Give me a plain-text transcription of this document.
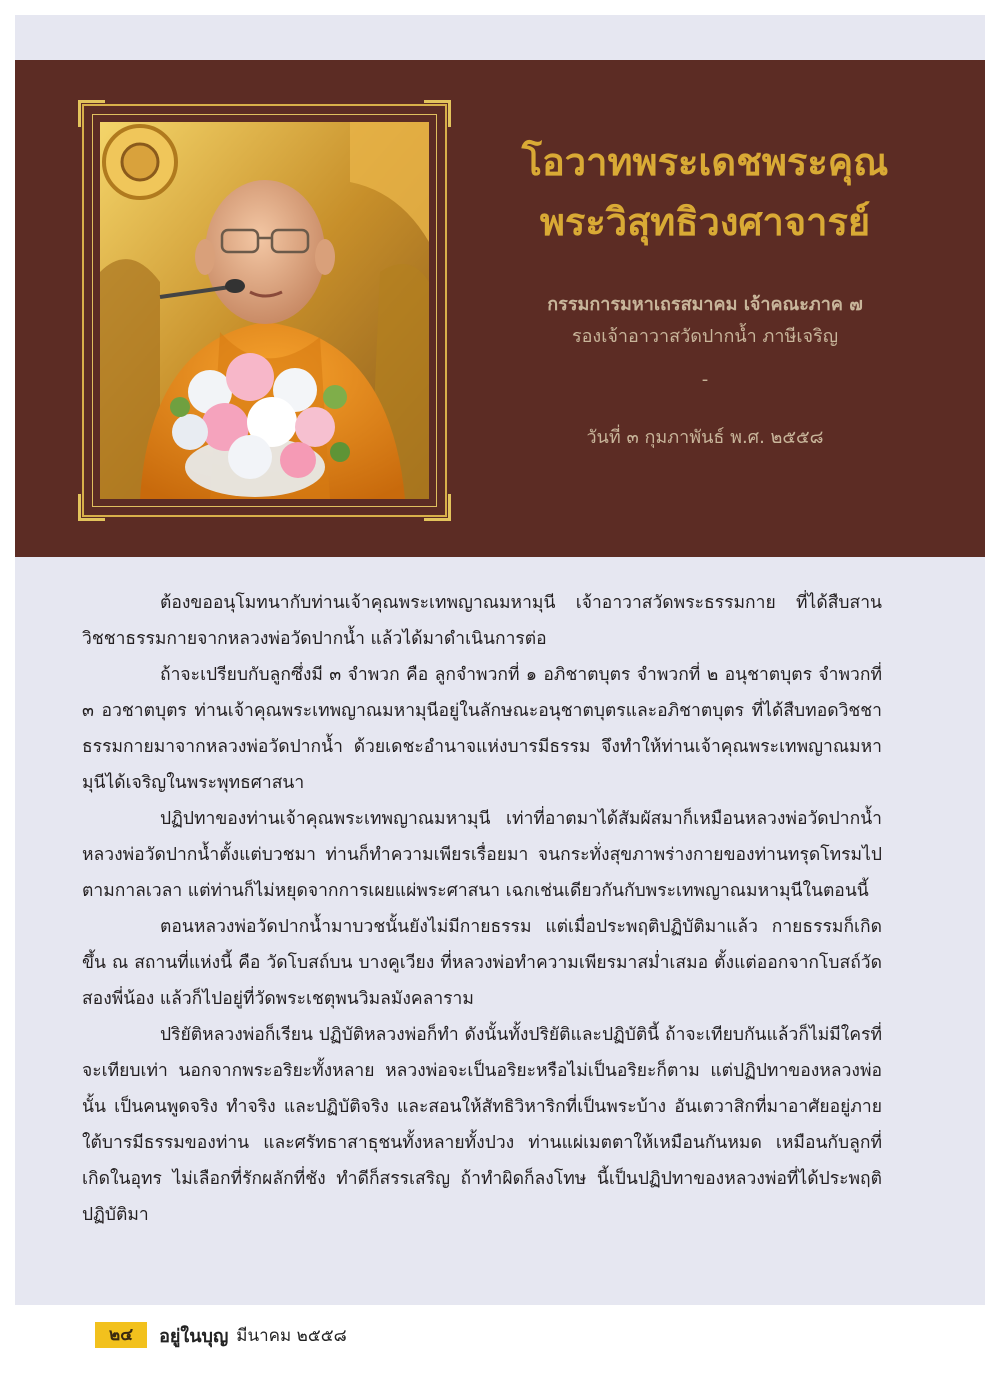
โอวาทพระเดชพระคุณ
พระวิสุทธิวงศาจารย์

กรรมการมหาเถรสมาคม เจ้าคณะภาค ๗

รองเจ้าอาวาสวัดปากน้ำ ภาษีเจริญ

-

วันที่ ๓ กุมภาพันธ์ พ.ศ. ๒๕๕๘

ต้องขออนุโมทนากับท่านเจ้าคุณพระเทพญาณมหามุนี เจ้าอาวาสวัดพระธรรมกาย ที่ได้สืบสานวิชชาธรรมกายจากหลวงพ่อวัดปากน้ำ แล้วได้มาดำเนินการต่อ

ถ้าจะเปรียบกับลูกซึ่งมี ๓ จำพวก คือ ลูกจำพวกที่ ๑ อภิชาตบุตร จำพวกที่ ๒ อนุชาตบุตร จำพวกที่ ๓ อวชาตบุตร ท่านเจ้าคุณพระเทพญาณมหามุนีอยู่ในลักษณะอนุชาตบุตรและอภิชาตบุตร ที่ได้สืบทอดวิชชาธรรมกายมาจากหลวงพ่อวัดปากน้ำ ด้วยเดชะอำนาจแห่งบารมีธรรม จึงทำให้ท่านเจ้าคุณพระเทพญาณมหามุนีได้เจริญในพระพุทธศาสนา

ปฏิปทาของท่านเจ้าคุณพระเทพญาณมหามุนี เท่าที่อาตมาได้สัมผัสมาก็เหมือนหลวงพ่อวัดปากน้ำ หลวงพ่อวัดปากน้ำตั้งแต่บวชมา ท่านก็ทำความเพียรเรื่อยมา จนกระทั่งสุขภาพร่างกายของท่านทรุดโทรมไปตามกาลเวลา แต่ท่านก็ไม่หยุดจากการเผยแผ่พระศาสนา เฉกเช่นเดียวกันกับพระเทพญาณมหามุนีในตอนนี้

ตอนหลวงพ่อวัดปากน้ำมาบวชนั้นยังไม่มีกายธรรม แต่เมื่อประพฤติปฏิบัติมาแล้ว กายธรรมก็เกิดขึ้น ณ สถานที่แห่งนี้ คือ วัดโบสถ์บน บางคูเวียง ที่หลวงพ่อทำความเพียรมาสม่ำเสมอ ตั้งแต่ออกจากโบสถ์วัดสองพี่น้อง แล้วก็ไปอยู่ที่วัดพระเชตุพนวิมลมังคลาราม

ปริยัติหลวงพ่อก็เรียน ปฏิบัติหลวงพ่อก็ทำ ดังนั้นทั้งปริยัติและปฏิบัตินี้ ถ้าจะเทียบกันแล้วก็ไม่มีใครที่จะเทียบเท่า นอกจากพระอริยะทั้งหลาย หลวงพ่อจะเป็นอริยะหรือไม่เป็นอริยะก็ตาม แต่ปฏิปทาของหลวงพ่อนั้น เป็นคนพูดจริง ทำจริง และปฏิบัติจริง และสอนให้สัทธิวิหาริกที่เป็นพระบ้าง อันเตวาสิกที่มาอาศัยอยู่ภายใต้บารมีธรรมของท่าน และศรัทธาสาธุชนทั้งหลายทั้งปวง ท่านแผ่เมตตาให้เหมือนกันหมด เหมือนกับลูกที่เกิดในอุทร ไม่เลือกที่รักผลักที่ชัง ทำดีก็สรรเสริญ ถ้าทำผิดก็ลงโทษ นี้เป็นปฏิปทาของหลวงพ่อที่ได้ประพฤติปฏิบัติมา

๒๔	อยู่ในบุญ มีนาคม ๒๕๕๘
